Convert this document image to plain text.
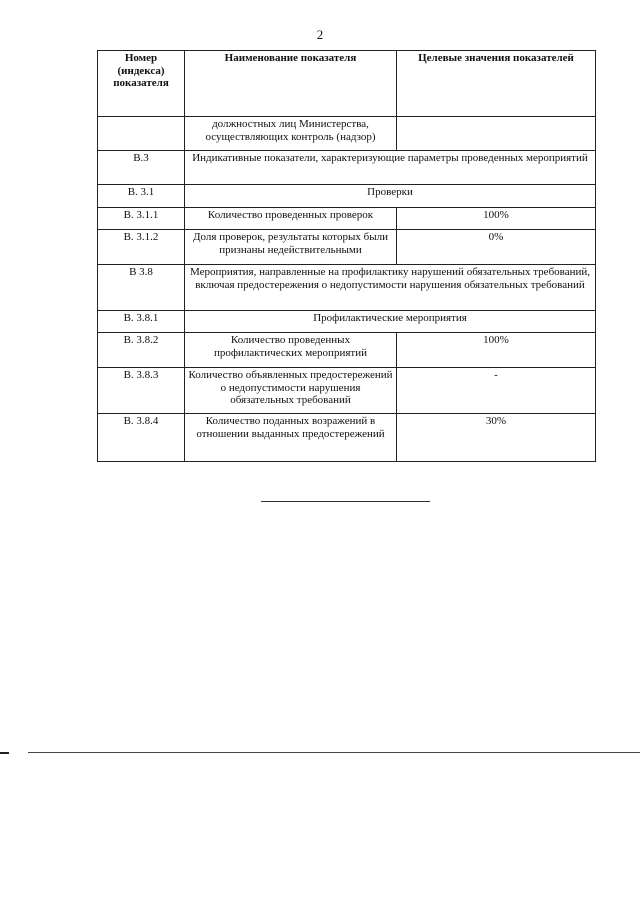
2
Номер (индекса) показателя	Наименование показателя	Целевые значения показателей
	должностных лиц Министерства, осуществляющих контроль (надзор)	
В.3	Индикативные показатели, характеризующие параметры проведенных мероприятий	
В. 3.1	Проверки	
В. 3.1.1	Количество проведенных проверок	100%
В. 3.1.2	Доля проверок, результаты которых были признаны недействительными	0%
В 3.8	Мероприятия, направленные на профилактику нарушений обязательных требований, включая предостережения о недопустимости нарушения обязательных требований	
В. 3.8.1	Профилактические мероприятия	
В. 3.8.2	Количество проведенных профилактических мероприятий	100%
В. 3.8.3	Количество объявленных предостережений о недопустимости нарушения обязательных требований	-
В. 3.8.4	Количество поданных возражений в отношении выданных предостережений	30%
